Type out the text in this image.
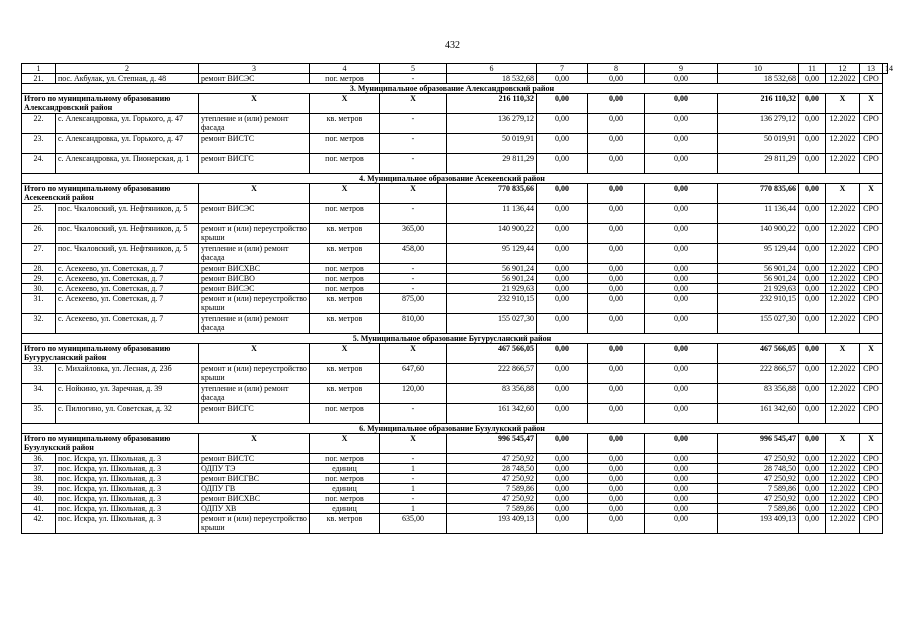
432
1	2	3	4	5	6	7	8	9	10	11	12	13	14
21.	пос. Акбулак, ул. Степная, д. 48	ремонт ВИСЭС	пог. метров	-	18 532,68	0,00	0,00	0,00	18 532,68	0,00	12.2022	СРО	
3. Муниципальное образование Александровский район													
Итого по муниципальному образованию Александровский район		X	X	X	216 110,32	0,00	0,00	0,00	216 110,32	0,00	X	X	
22.	с. Александровка, ул. Горького, д. 47	утепление и (или) ремонт фасада	кв. метров	-	136 279,12	0,00	0,00	0,00	136 279,12	0,00	12.2022	СРО	
23.	с. Александровка, ул. Горького, д. 47	ремонт ВИСТС	пог. метров	-	50 019,91	0,00	0,00	0,00	50 019,91	0,00	12.2022	СРО	
24.	с. Александровка, ул. Пионерская, д. 1	ремонт ВИСГС	пог. метров	-	29 811,29	0,00	0,00	0,00	29 811,29	0,00	12.2022	СРО	
4. Муниципальное образование Асекеевский район													
Итого по муниципальному образованию Асекеевский район		X	X	X	770 835,66	0,00	0,00	0,00	770 835,66	0,00	X	X	
25.	пос. Чкаловский, ул. Нефтяников, д. 5	ремонт ВИСЭС	пог. метров	-	11 136,44	0,00	0,00	0,00	11 136,44	0,00	12.2022	СРО	
26.	пос. Чкаловский, ул. Нефтяников, д. 5	ремонт и (или) переустройство крыши	кв. метров	365,00	140 900,22	0,00	0,00	0,00	140 900,22	0,00	12.2022	СРО	
27.	пос. Чкаловский, ул. Нефтяников, д. 5	утепление и (или) ремонт фасада	кв. метров	458,00	95 129,44	0,00	0,00	0,00	95 129,44	0,00	12.2022	СРО	
28.	с. Асекеево, ул. Советская, д. 7	ремонт ВИСХВС	пог. метров	-	56 901,24	0,00	0,00	0,00	56 901,24	0,00	12.2022	СРО	
29.	с. Асекеево, ул. Советская, д. 7	ремонт ВИСВО	пог. метров	-	56 901,24	0,00	0,00	0,00	56 901,24	0,00	12.2022	СРО	
30.	с. Асекеево, ул. Советская, д. 7	ремонт ВИСЭС	пог. метров	-	21 929,63	0,00	0,00	0,00	21 929,63	0,00	12.2022	СРО	
31.	с. Асекеево, ул. Советская, д. 7	ремонт и (или) переустройство крыши	кв. метров	875,00	232 910,15	0,00	0,00	0,00	232 910,15	0,00	12.2022	СРО	
32.	с. Асекеево, ул. Советская, д. 7	утепление и (или) ремонт фасада	кв. метров	810,00	155 027,30	0,00	0,00	0,00	155 027,30	0,00	12.2022	СРО	
5. Муниципальное образование Бугурусланский район													
Итого по муниципальному образованию Бугурусланский район		X	X	X	467 566,05	0,00	0,00	0,00	467 566,05	0,00	X	X	
33.	с. Михайловка, ул. Лесная, д. 23б	ремонт и (или) переустройство крыши	кв. метров	647,60	222 866,57	0,00	0,00	0,00	222 866,57	0,00	12.2022	СРО	
34.	с. Нойкино, ул. Заречная, д. 39	утепление и (или) ремонт фасада	кв. метров	120,00	83 356,88	0,00	0,00	0,00	83 356,88	0,00	12.2022	СРО	
35.	с. Пилюгино, ул. Советская, д. 32	ремонт ВИСГС	пог. метров	-	161 342,60	0,00	0,00	0,00	161 342,60	0,00	12.2022	СРО	
6. Муниципальное образование Бузулукский район													
Итого по муниципальному образованию Бузулукский район		X	X	X	996 545,47	0,00	0,00	0,00	996 545,47	0,00	X	X	
36.	пос. Искра, ул. Школьная, д. 3	ремонт ВИСТС	пог. метров	-	47 250,92	0,00	0,00	0,00	47 250,92	0,00	12.2022	СРО	
37.	пос. Искра, ул. Школьная, д. 3	ОДПУ ТЭ	единиц	1	28 748,50	0,00	0,00	0,00	28 748,50	0,00	12.2022	СРО	
38.	пос. Искра, ул. Школьная, д. 3	ремонт ВИСГВС	пог. метров	-	47 250,92	0,00	0,00	0,00	47 250,92	0,00	12.2022	СРО	
39.	пос. Искра, ул. Школьная, д. 3	ОДПУ ГВ	единиц	1	7 589,86	0,00	0,00	0,00	7 589,86	0,00	12.2022	СРО	
40.	пос. Искра, ул. Школьная, д. 3	ремонт ВИСХВС	пог. метров	-	47 250,92	0,00	0,00	0,00	47 250,92	0,00	12.2022	СРО	
41.	пос. Искра, ул. Школьная, д. 3	ОДПУ ХВ	единиц	1	7 589,86	0,00	0,00	0,00	7 589,86	0,00	12.2022	СРО	
42.	пос. Искра, ул. Школьная, д. 3	ремонт и (или) переустройство крыши	кв. метров	635,00	193 409,13	0,00	0,00	0,00	193 409,13	0,00	12.2022	СРО	
